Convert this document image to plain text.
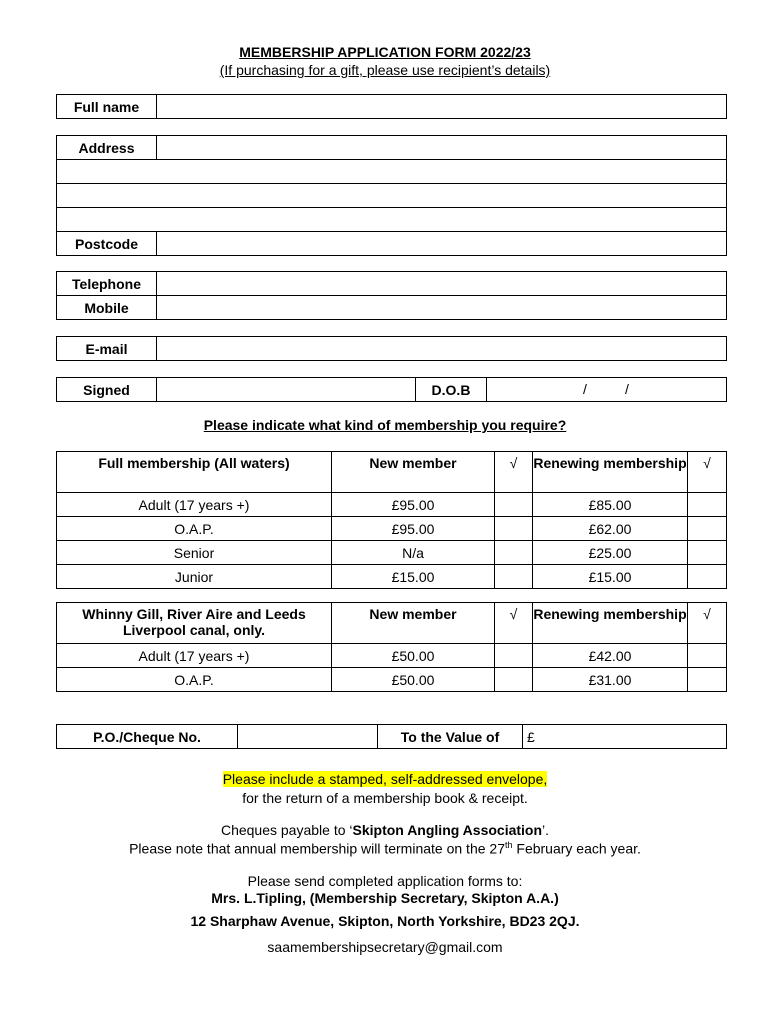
MEMBERSHIP APPLICATION FORM 2022/23
(If purchasing for a gift, please use recipient’s details)
Full name	
Address	

Postcode	
Telephone	
Mobile	
E-mail	
Signed		D.O.B	/	/
Please indicate what kind of membership you require?
Full membership (All waters)	New member	√	Renewing membership	√
Adult (17 years +)	£95.00		£85.00	
O.A.P.	£95.00		£62.00	
Senior	N/a		£25.00	
Junior	£15.00		£15.00	
Whinny Gill, River Aire and Leeds Liverpool canal, only.	New member	√	Renewing membership	√
Adult (17 years +)	£50.00		£42.00	
O.A.P.	£50.00		£31.00	
P.O./Cheque No.		To the Value of	£
Please include a stamped, self-addressed envelope,
for the return of a membership book & receipt.
Cheques payable to ‘Skipton Angling Association’.
Please note that annual membership will terminate on the 27th February each year.
Please send completed application forms to:
Mrs. L.Tipling, (Membership Secretary, Skipton A.A.)
12 Sharphaw Avenue, Skipton, North Yorkshire, BD23 2QJ.
saamembershipsecretary@gmail.com
